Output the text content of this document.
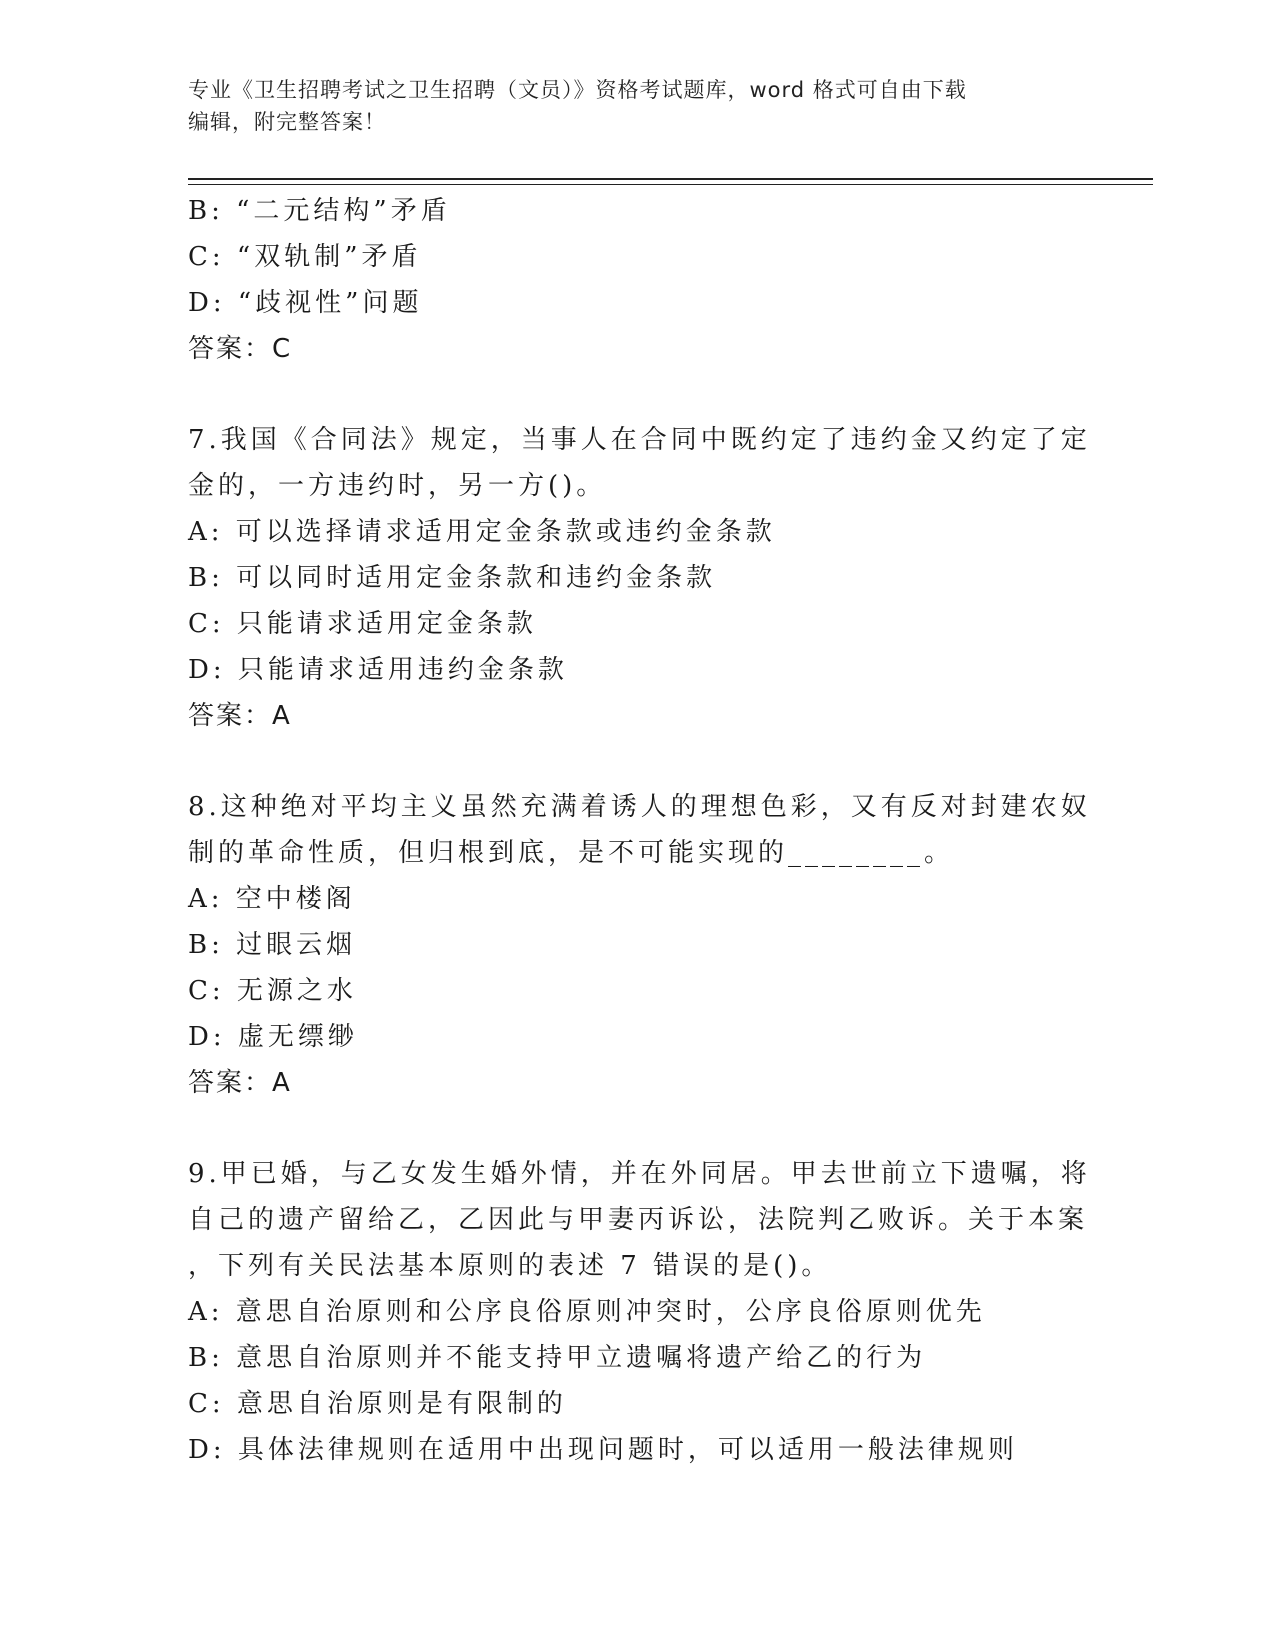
专业《卫生招聘考试之卫生招聘（文员）》资格考试题库，word 格式可自由下载
编辑，附完整答案！
B: “二元结构”矛盾
C: “双轨制”矛盾
D: “歧视性”问题
答案：C
7.我国《合同法》规定，当事人在合同中既约定了违约金又约定了定
金的，一方违约时，另一方()。
A: 可以选择请求适用定金条款或违约金条款
B: 可以同时适用定金条款和违约金条款
C: 只能请求适用定金条款
D: 只能请求适用违约金条款
答案：A
8.这种绝对平均主义虽然充满着诱人的理想色彩，又有反对封建农奴
制的革命性质，但归根到底，是不可能实现的________。
A: 空中楼阁
B: 过眼云烟
C: 无源之水
D: 虚无缥缈
答案：A
9.甲已婚，与乙女发生婚外情，并在外同居。甲去世前立下遗嘱，将
自己的遗产留给乙，乙因此与甲妻丙诉讼，法院判乙败诉。关于本案
，下列有关民法基本原则的表述 7 错误的是()。
A: 意思自治原则和公序良俗原则冲突时，公序良俗原则优先
B: 意思自治原则并不能支持甲立遗嘱将遗产给乙的行为
C: 意思自治原则是有限制的
D: 具体法律规则在适用中出现问题时，可以适用一般法律规则
